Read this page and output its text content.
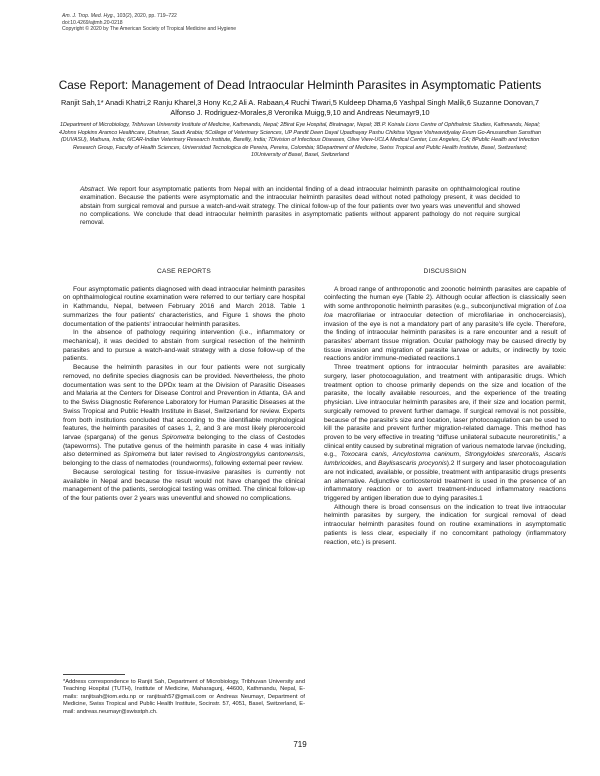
Am. J. Trop. Med. Hyg., 103(2), 2020, pp. 719–722
doi:10.4269/ajtmh.20-0218
Copyright © 2020 by The American Society of Tropical Medicine and Hygiene
Case Report: Management of Dead Intraocular Helminth Parasites in Asymptomatic Patients
Ranjit Sah,1* Anadi Khatri,2 Ranju Kharel,3 Hony Kc,2 Ali A. Rabaan,4 Ruchi Tiwari,5 Kuldeep Dhama,6 Yashpal Singh Malik,6 Suzanne Donovan,7 Alfonso J. Rodriguez-Morales,8 Veronika Muigg,9,10 and Andreas Neumayr9,10
1Department of Microbiology, Tribhuvan University Institute of Medicine, Kathmandu, Nepal; 2Birat Eye Hospital, Biratnagar, Nepal; 3B.P. Koirala Lions Centre of Ophthalmic Studies, Kathmandu, Nepal; 4Johns Hopkins Aramco Healthcare, Dhahran, Saudi Arabia; 5College of Veterinary Sciences, UP Pandit Deen Dayal Upadhayay Pashu Chikitsa Vigyan Vishwavidyalay Evum Go-Anusandhan Sansthan (DUVASU), Mathura, India; 6ICAR-Indian Veterinary Research Institute, Bareilly, India; 7Division of Infectious Diseases, Olive View-UCLA Medical Center, Los Angeles, CA; 8Public Health and Infection Research Group, Faculty of Health Sciences, Universidad Tecnologica de Pereira, Pereira, Colombia; 9Department of Medicine, Swiss Tropical and Public Health Institute, Basel, Switzerland; 10University of Basel, Basel, Switzerland
Abstract. We report four asymptomatic patients from Nepal with an incidental finding of a dead intraocular helminth parasite on ophthalmological routine examination. Because the patients were asymptomatic and the intraocular helminth parasites dead without noted pathology present, it was decided to abstain from surgical removal and pursue a watch-and-wait strategy. The clinical follow-up of the four patients over two years was uneventful and showed no complications. We conclude that dead intraocular helminth parasites in asymptomatic patients without apparent pathology do not require surgical removal.
CASE REPORTS

Four asymptomatic patients diagnosed with dead intraocular helminth parasites on ophthalmological routine examination were referred to our tertiary care hospital in Kathmandu, Nepal, between February 2016 and March 2018. Table 1 summarizes the four patients' characteristics, and Figure 1 shows the photo documentation of the patients' intraocular helminth parasites.

In the absence of pathology requiring intervention (i.e., inflammatory or mechanical), it was decided to abstain from surgical resection of the helminth parasites and to pursue a watch-and-wait strategy with a close follow-up of the patients.

Because the helminth parasites in our four patients were not surgically removed, no definite species diagnosis can be provided. Nevertheless, the photo documentation was sent to the DPDx team at the Division of Parasitic Diseases and Malaria at the Centers for Disease Control and Prevention in Atlanta, GA and to the Swiss Diagnostic Reference Laboratory for Human Parasitic Diseases at the Swiss Tropical and Public Health Institute in Basel, Switzerland for review. Experts from both institutions concluded that according to the identifiable morphological features, the helminth parasites of cases 1, 2, and 3 are most likely plerocercoid larvae (sparganа) of the genus Spirometra belonging to the class of Cestodes (tapeworms). The putative genus of the helminth parasite in case 4 was initially also determined as Spirometra but later revised to Angiostrongylus cantonensis, belonging to the class of nematodes (roundworms), following external peer review.

Because serological testing for tissue-invasive parasites is currently not available in Nepal and because the result would not have changed the clinical management of the patients, serological testing was omitted. The clinical follow-up of the four patients over 2 years was uneventful and showed no complications.

DISCUSSION

A broad range of anthroponotic and zoonotic helminth parasites are capable of coinfecting the human eye (Table 2). Although ocular affection is classically seen with some anthroponotic helminth parasites (e.g., subconjunctival migration of Loa loa macrofilariae or intraocular detection of microfilariae in onchocerciasis), invasion of the eye is not a mandatory part of any parasite's life cycle. Therefore, the finding of intraocular helminth parasites is a rare encounter and a result of parasites' aberrant tissue migration. Ocular pathology may be caused directly by tissue invasion and migration of parasite larvae or adults, or indirectly by toxic reactions and/or immune-mediated reactions.1

Three treatment options for intraocular helminth parasites are available: surgery, laser photocoagulation, and treatment with antiparasitic drugs. Which treatment option to choose primarily depends on the size and location of the parasite, the locally available resources, and the experience of the treating physician. Live intraocular helminth parasites are, if their size and location permit, surgically removed to prevent further damage. If surgical removal is not possible, because of the parasite's size and location, laser photocoagulation can be used to kill the parasite and prevent further migration-related damage. This method has proven to be very effective in treating “diffuse unilateral subacute neuroretinitis,” a clinical entity caused by subretinal migration of various nematode larvae (including, e.g., Toxocara canis, Ancylostoma caninum, Strongyloides stercoralis, Ascaris lumbricoides, and Baylisascaris procyonis).2 If surgery and laser photocoagulation are not indicated, available, or possible, treatment with antiparasitic drugs presents an alternative. Adjunctive corticosteroid treatment is used in the presence of an inflammatory reaction or to avert treatment-induced inflammatory reactions triggered by antigen liberation due to dying parasites.1

Although there is broad consensus on the indication to treat live intraocular helminth parasites by surgery, the indication for surgical removal of dead intraocular helminth parasites found on routine examinations in asymptomatic patients is less clear, especially if no concomitant pathology (inflammatory reaction, etc.) is present.

*Address correspondence to Ranjit Sah, Department of Microbiology, Tribhuvan University and Teaching Hospital (TUTH), Institute of Medicine, Maharagunj, 44600, Kathmandu, Nepal, E-mails: ranjitsah@iom.edu.np or ranjitsah57@gmail.com or Andreas Neumayr, Department of Medicine, Swiss Tropical and Public Health Institute, Socinstr. 57, 4051, Basel, Switzerland, E-mail: andreas.neumayr@swisstph.ch.
719
